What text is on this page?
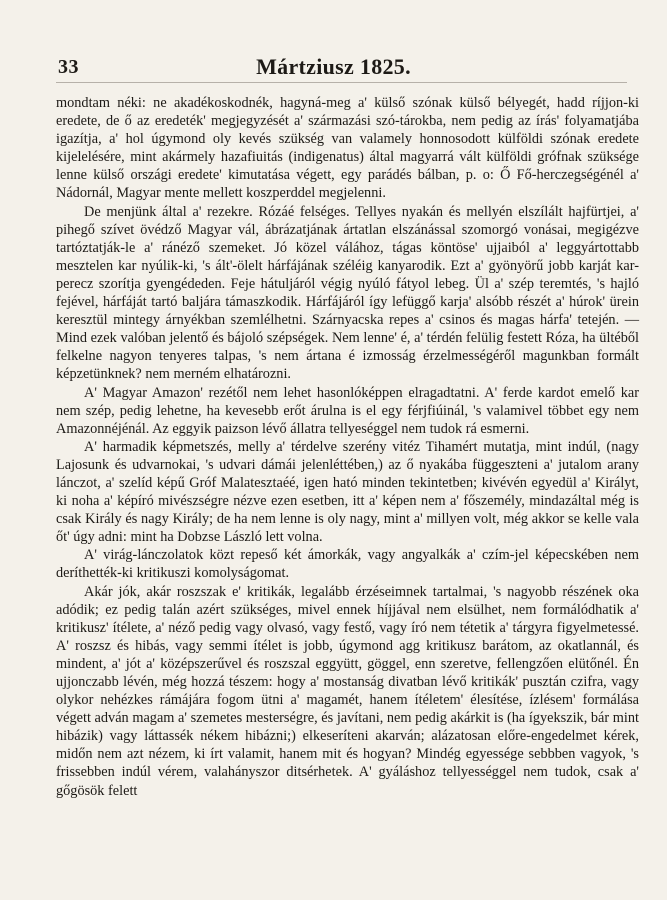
33	Mártziusz 1825.

mondtam néki: ne akadékoskodnék, hagyná-meg a' külső szónak külső bélyegét, hadd ríjjon-ki eredete, de ő az eredeték' megjegyzését a' származási szó-tárokba, nem pedig az írás' folyamatjába igazítja, a' hol úgymond oly kevés szükség van valamely honnosodott külföldi szónak eredete kijelelésére, mint akármely hazafiuitás (indigenatus) által magyarrá vált külföldi grófnak szüksége lenne külső országi eredete' kimutatása végett, egy parádés bálban, p. o: Ő Fő-herczegségénél a' Nádornál, Magyar mente mellett koszperddel megjelenni.

De menjünk által a' rezekre. Rózáé felséges. Tellyes nyakán és mellyén elszílált hajfürtjei, a' pihegő szívet övédző Magyar vál, ábrázatjának ártatlan elszánással szomorgó vonásai, megigézve tartóztatják-le a' ránéző szemeket. Jó közel válához, tágas köntöse' ujjaiból a' leggyártottabb mesztelen kar nyúlik-ki, 's ált'-ölelt hárfájának széléig kanyarodik. Ezt a' gyönyörű jobb karját kar-perecz szorítja gyengédeden. Feje hátuljáról végig nyúló fátyol lebeg. Ül a' szép teremtés, 's hajló fejével, hárfáját tartó baljára támaszkodik. Hárfájáról így lefüggő karja' alsóbb részét a' húrok' ürein keresztül mintegy árnyékban szemlélhetni. Szárnyacska repes a' csinos és magas hárfa' tetején. — Mind ezek valóban jelentő és bájoló szépségek. Nem lenne' é, a' térdén felülig festett Róza, ha ültéből felkelne nagyon tenyeres talpas, 's nem ártana é izmosság érzelmességéről magunkban formált képzetünknek? nem merném elhatározni.

A' Magyar Amazon' rezétől nem lehet hasonlóképpen elragadtatni. A' ferde kardot emelő kar nem szép, pedig lehetne, ha kevesebb erőt árulna is el egy férjfiúinál, 's valamivel többet egy nem Amazonnéjénál. Az eggyik paizson lévő állatra tellyeséggel nem tudok rá esmerni.

A' harmadik képmetszés, melly a' térdelve szerény vitéz Tihamért mutatja, mint indúl, (nagy Lajosunk és udvarnokai, 's udvari dámái jelenléttében,) az ő nyakába függeszteni a' jutalom arany lánczot, a' szelíd képű Gróf Malatesztaéé, igen ható minden tekintetben; kivévén egyedül a' Királyt, ki noha a' képíró mivészségre nézve ezen esetben, itt a' képen nem a' főszemély, mindazáltal még is csak Király és nagy Király; de ha nem lenne is oly nagy, mint a' millyen volt, még akkor se kelle vala őt' úgy adni: mint ha Dobzse László lett volna.

A' virág-lánczolatok közt repeső két ámorkák, vagy angyalkák a' czím-jel képecskében nem deríthették-ki kritikuszi komolyságomat.

Akár jók, akár roszszak e' kritikák, legalább érzéseimnek tartalmai, 's nagyobb részének oka adódik; ez pedig talán azért szükséges, mivel ennek híjjával nem elsülhet, nem formálódhatik a' kritikusz' ítélete, a' néző pedig vagy olvasó, vagy festő, vagy író nem tétetik a' tárgyra figyelmetessé. A' roszsz és hibás, vagy semmi ítélet is jobb, úgymond agg kritikusz barátom, az okatlannál, és mindent, a' jót a' középszerűvel és roszszal eggyütt, göggel, enn szeretve, fellengzően elütőnél. Én ujjonczabb lévén, még hozzá tészem: hogy a' mostanság divatban lévő kritikák' pusztán czifra, vagy olykor nehézkes rámájára fogom ütni a' magamét, hanem ítéletem' élesítése, ízlésem' formálása végett adván magam a' szemetes mesterségre, és javítani, nem pedig akárkit is (ha ígyekszik, bár mint hibázik) vagy láttassék nékem hibázni;) elkeseríteni akarván; alázatosan előre-engedelmet kérek, midőn nem azt nézem, ki írt valamit, hanem mit és hogyan? Mindég egyessége sebbben vagyok, 's frissebben indúl vérem, valahányszor ditsérhetek. A' gyáláshoz tellyességgel nem tudok, csak a' gőgösök felett
